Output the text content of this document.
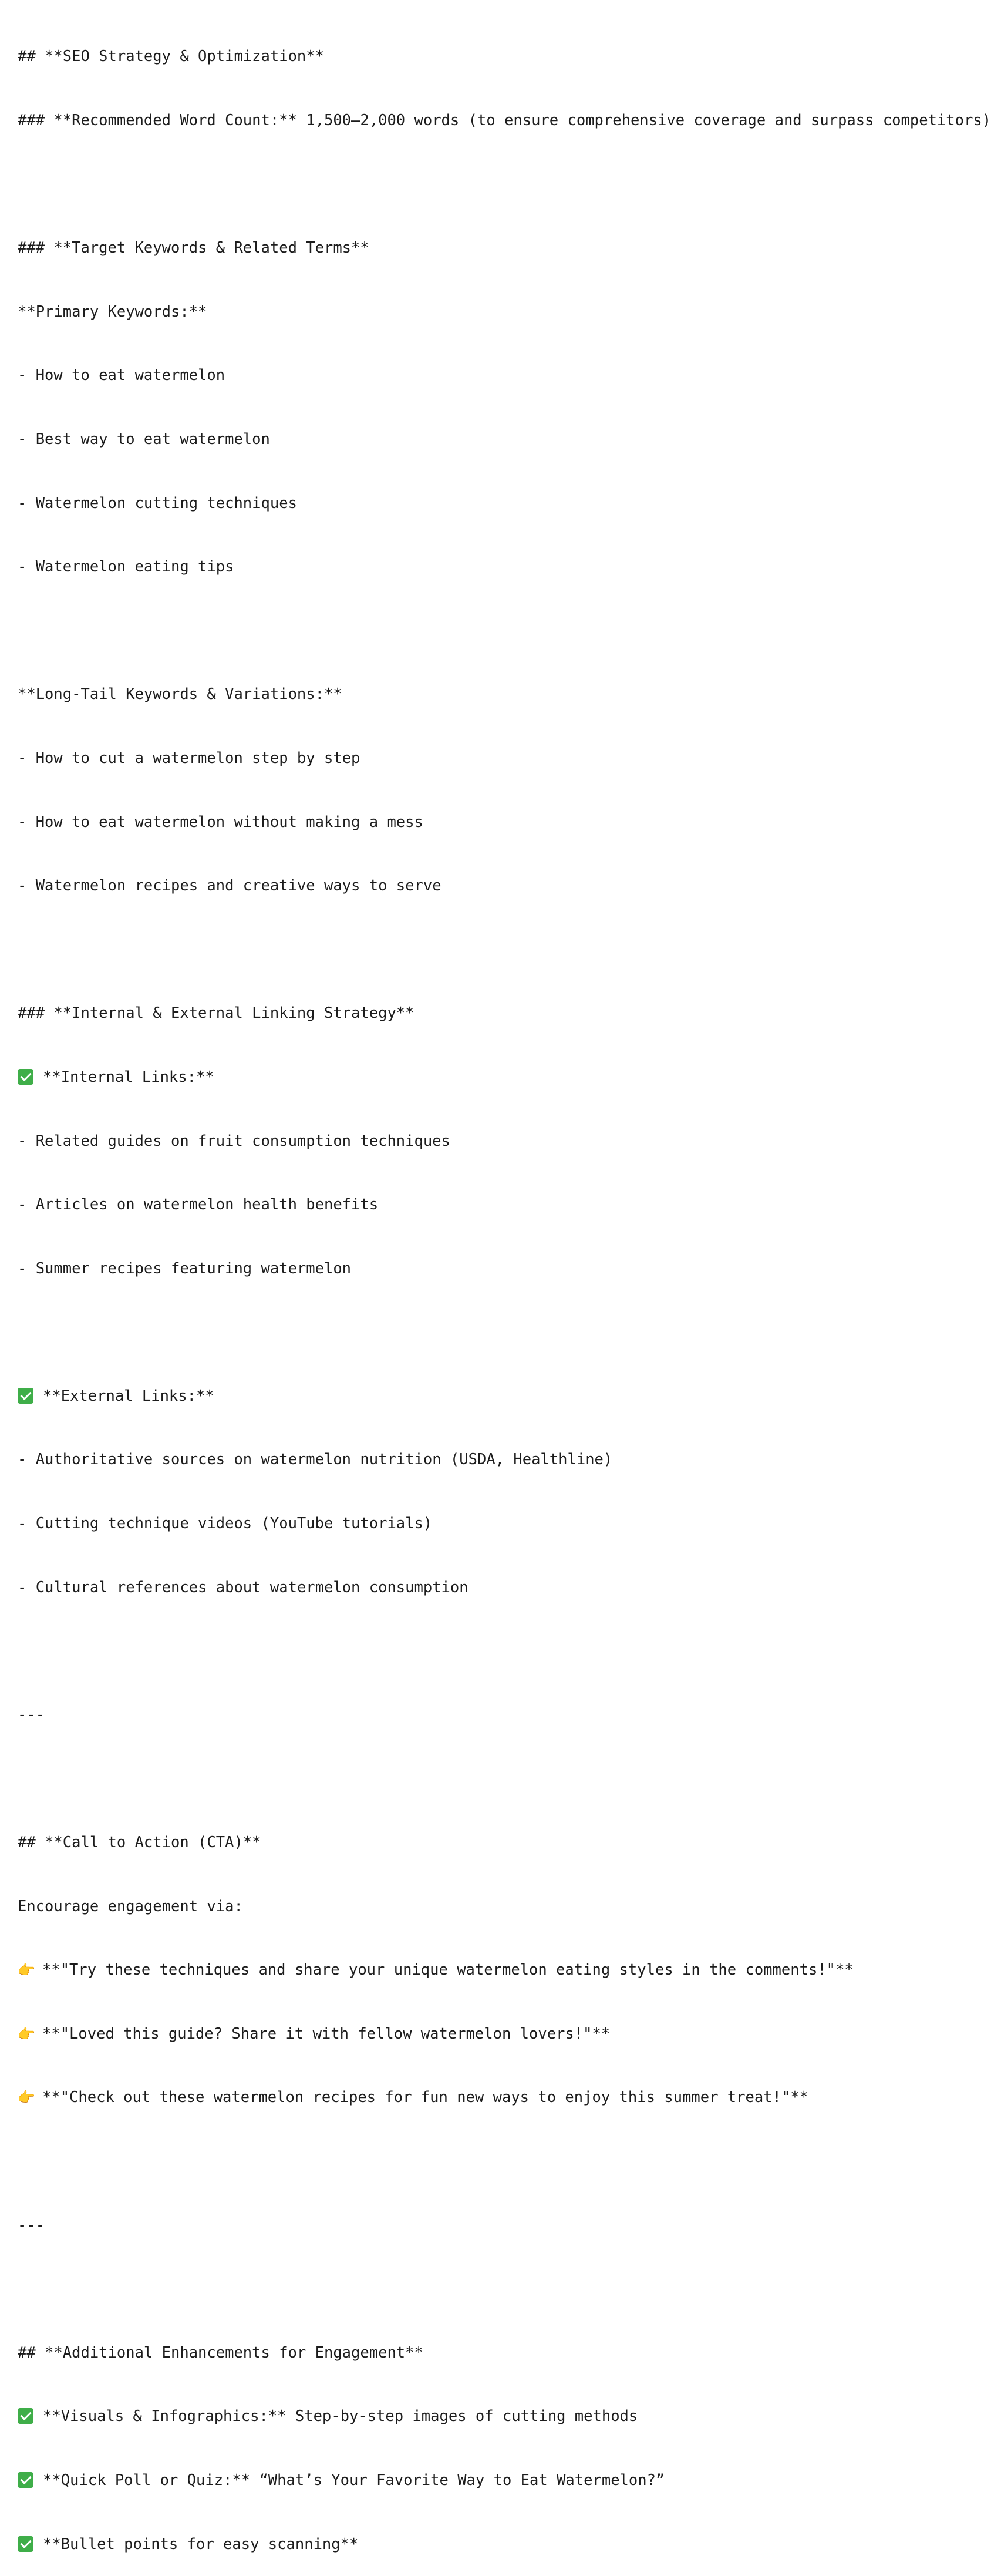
## **SEO Strategy & Optimization**

### **Recommended Word Count:** 1,500–2,000 words (to ensure comprehensive coverage and surpass competitors)

### **Target Keywords & Related Terms**

**Primary Keywords:**

- How to eat watermelon

- Best way to eat watermelon

- Watermelon cutting techniques

- Watermelon eating tips

**Long-Tail Keywords & Variations:**

- How to cut a watermelon step by step

- How to eat watermelon without making a mess

- Watermelon recipes and creative ways to serve

### **Internal & External Linking Strategy**

**Internal Links:**

- Related guides on fruit consumption techniques

- Articles on watermelon health benefits

- Summer recipes featuring watermelon

**External Links:**

- Authoritative sources on watermelon nutrition (USDA, Healthline)

- Cutting technique videos (YouTube tutorials)

- Cultural references about watermelon consumption

---

## **Call to Action (CTA)**

Encourage engagement via:

👉 **"Try these techniques and share your unique watermelon eating styles in the comments!"**

👉 **"Loved this guide? Share it with fellow watermelon lovers!"**

👉 **"Check out these watermelon recipes for fun new ways to enjoy this summer treat!"**

---

## **Additional Enhancements for Engagement**

**Visuals & Infographics:** Step-by-step images of cutting methods

**Quick Poll or Quiz:** “What’s Your Favorite Way to Eat Watermelon?”

**Bullet points for easy scanning**
